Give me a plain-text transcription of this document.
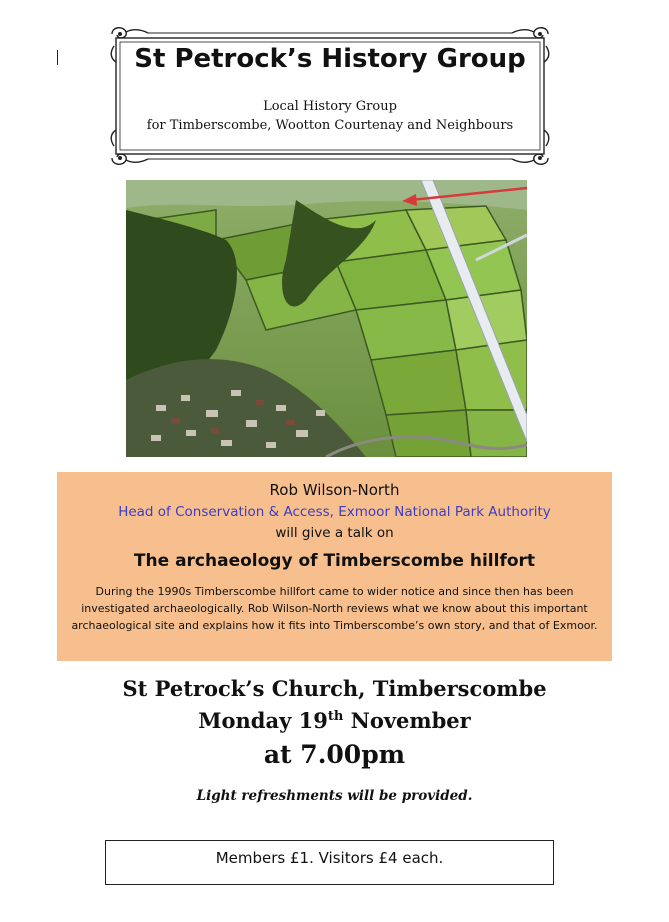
St Petrock’s History Group
Local History Group
for Timberscombe, Wootton Courtenay and Neighbours
Rob Wilson-North
Head of Conservation & Access, Exmoor National Park Authority
will give a talk on
The archaeology of Timberscombe hillfort
During the 1990s Timberscombe hillfort came to wider notice and since then has been investigated archaeologically. Rob Wilson-North reviews what we know about this important archaeological site and explains how it fits into Timberscombe’s own story, and that of Exmoor.
St Petrock’s Church, Timberscombe
Monday 19th November
at 7.00pm
Light refreshments will be provided.
Members £1. Visitors £4 each.
